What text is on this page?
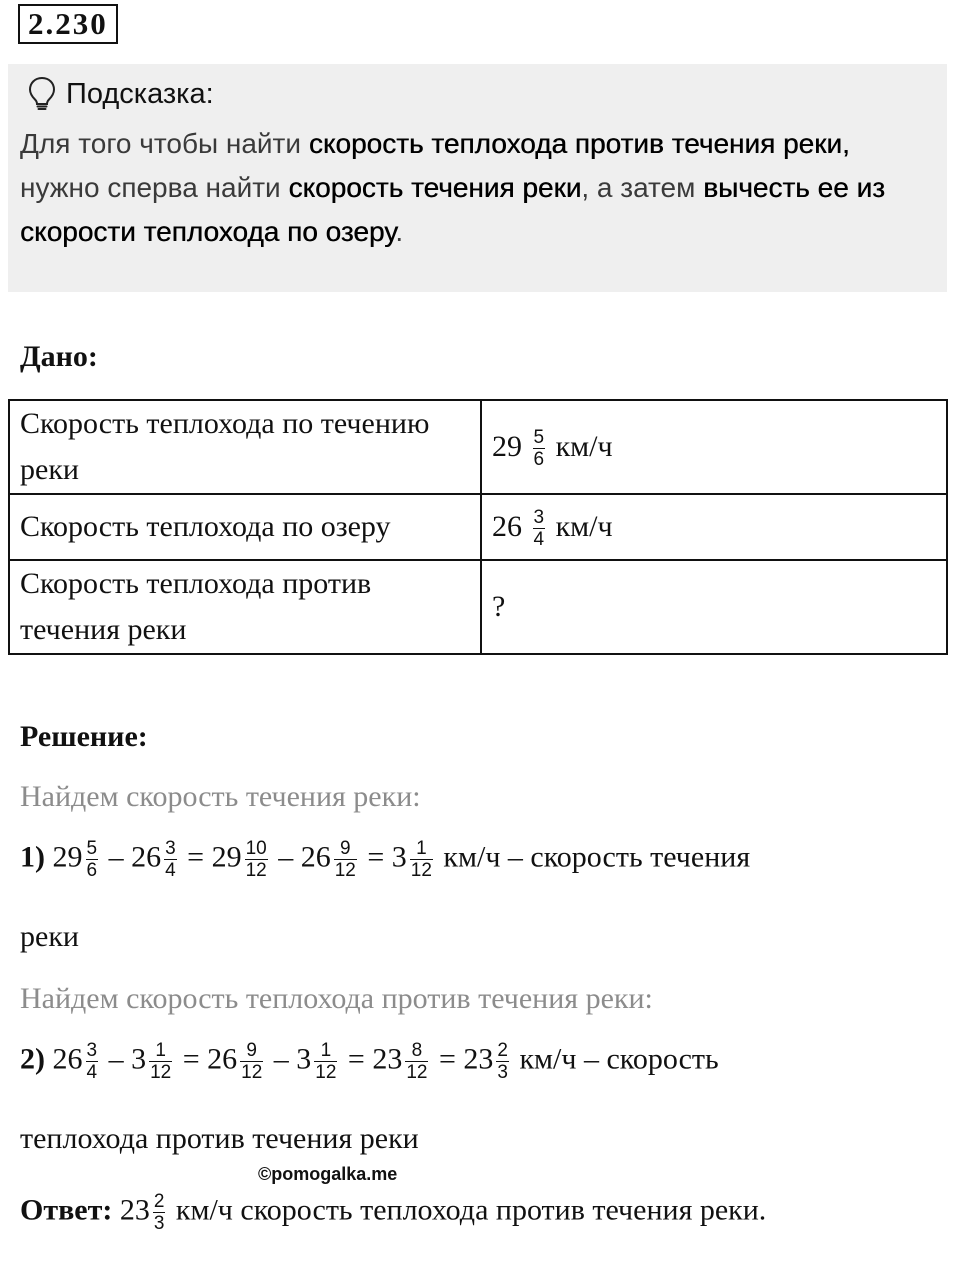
2.230
Подсказка:
Для того чтобы найти скорость теплохода против течения реки, нужно сперва найти скорость течения реки, а затем вычесть ее из скорости теплохода по озеру.
Дано:
Скорость теплохода по течению реки	$29 \frac{5}{6} км/ч$
Скорость теплохода по озеру	$26 \frac{3}{4} км/ч$
Скорость теплохода против течения реки	?
Решение:
Найдем скорость течения реки:
1) $29 \frac{5}{6} - 26 \frac{3}{4} = 29 \frac{10}{12} - 26 \frac{9}{12} = 3 \frac{1}{12} км/ч$ – скорость течения
реки
Найдем скорость теплохода против течения реки:
2) $26 \frac{3}{4} - 3 \frac{1}{12} = 26 \frac{9}{12} - 3 \frac{1}{12} = 23 \frac{8}{12} = 23 \frac{2}{3} км/ч$ – скорость
теплохода против течения реки
©pomogalka.me
Ответ: $23 \frac{2}{3} км/ч$ скорость теплохода против течения реки.
